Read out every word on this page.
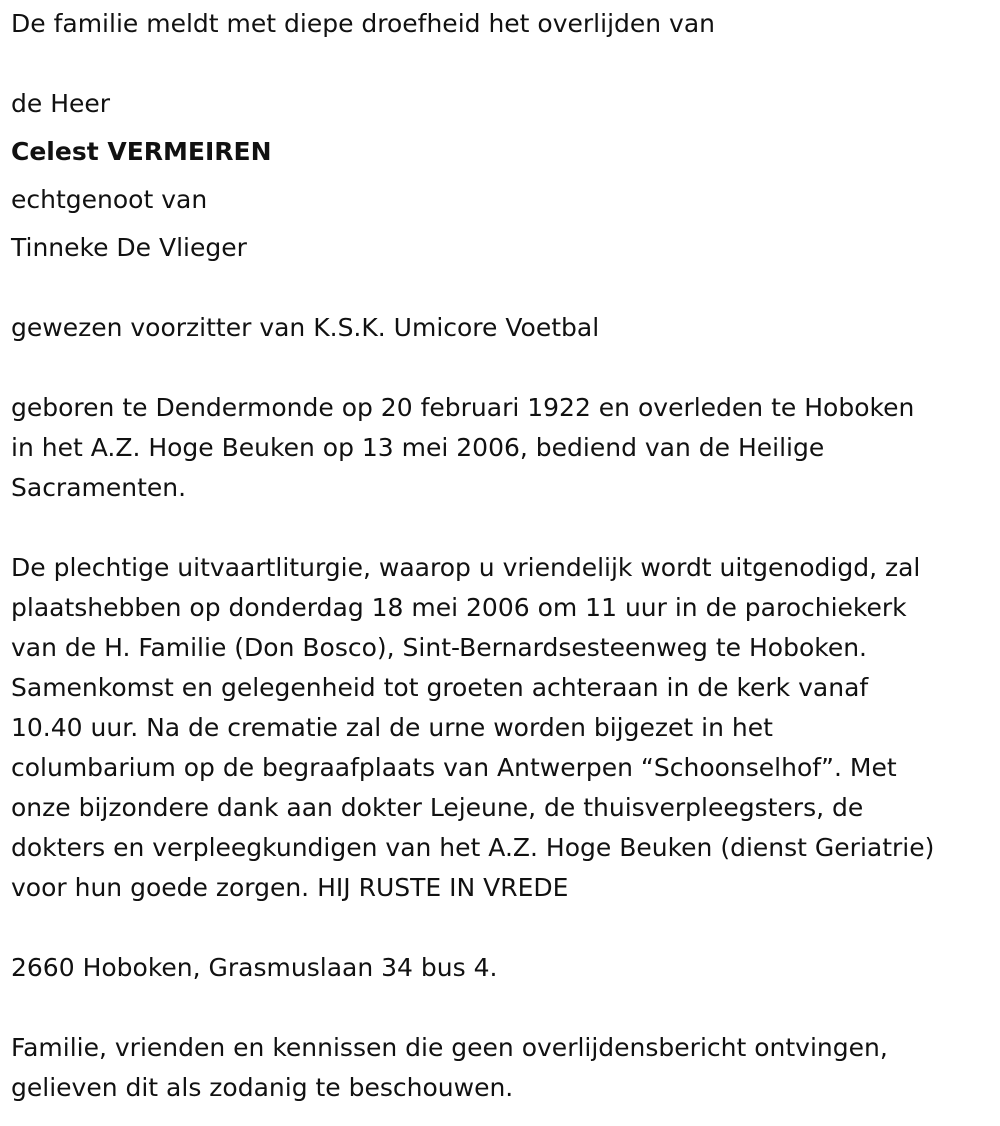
De familie meldt met diepe droefheid het overlijden van

de Heer

Celest VERMEIREN

echtgenoot van

Tinneke De Vlieger

gewezen voorzitter van K.S.K. Umicore Voetbal

geboren te Dendermonde op 20 februari 1922 en overleden te Hoboken
in het A.Z. Hoge Beuken op 13 mei 2006, bediend van de Heilige
Sacramenten.

De plechtige uitvaartliturgie, waarop u vriendelijk wordt uitgenodigd, zal
plaatshebben op donderdag 18 mei 2006 om 11 uur in de parochiekerk
van de H. Familie (Don Bosco), Sint-Bernardsesteenweg te Hoboken.
Samenkomst en gelegenheid tot groeten achteraan in de kerk vanaf
10.40 uur. Na de crematie zal de urne worden bijgezet in het
columbarium op de begraafplaats van Antwerpen “Schoonselhof”. Met
onze bijzondere dank aan dokter Lejeune, de thuisverpleegsters, de
dokters en verpleegkundigen van het A.Z. Hoge Beuken (dienst Geriatrie)
voor hun goede zorgen. HIJ RUSTE IN VREDE

2660 Hoboken, Grasmuslaan 34 bus 4.

Familie, vrienden en kennissen die geen overlijdensbericht ontvingen,
gelieven dit als zodanig te beschouwen.
